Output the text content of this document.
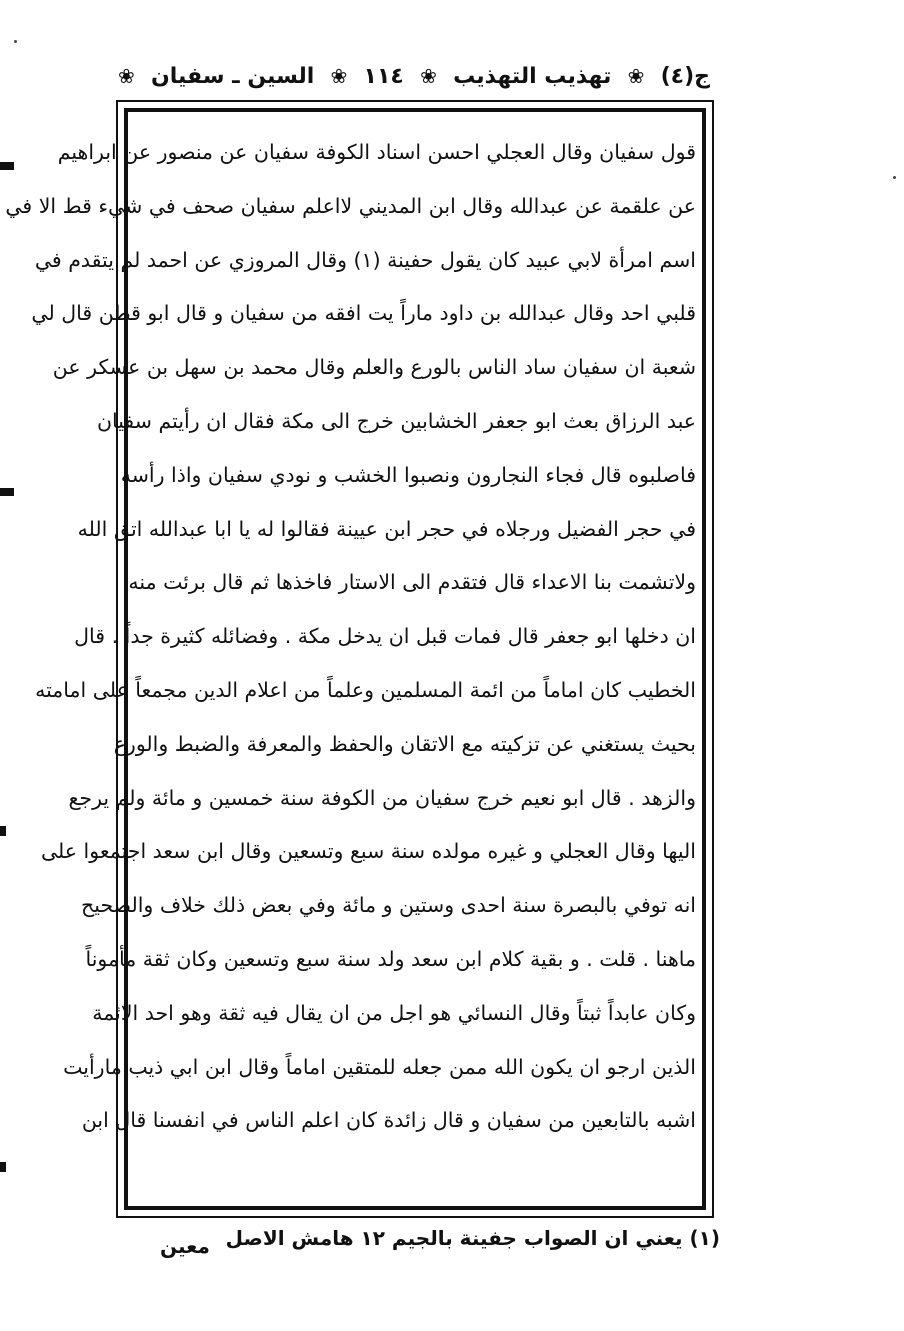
ج(٤)
❀
تهذيب التهذيب
❀
١١٤
❀
السين ـ سفيان
❀
قول سفيان وقال العجلي احسن اسناد الكوفة سفيان عن منصور عن ابراهيم
عن علقمة عن عبدالله وقال ابن المديني لااعلم سفيان صحف في شيء قط الا في
اسم امرأة لابي عبيد كان يقول حفينة (١) وقال المروزي عن احمد لم يتقدم في
قلبي احد وقال عبدالله بن داود ماراً يت افقه من سفيان و قال ابو قطن قال لي
شعبة ان سفيان ساد الناس بالورع والعلم وقال محمد بن سهل بن عسكر عن
عبد الرزاق بعث ابو جعفر الخشابين خرج الى مكة فقال ان رأيتم سفيان
فاصلبوه قال فجاء النجارون ونصبوا الخشب و نودي سفيان واذا رأسه
في حجر الفضيل ورجلاه في حجر ابن عيينة فقالوا له يا ابا عبدالله اتق الله
ولاتشمت بنا الاعداء قال فتقدم الى الاستار فاخذها ثم قال برئت منه
ان دخلها ابو جعفر قال فمات قبل ان يدخل مكة . وفضائله كثيرة جداً . قال
الخطيب كان اماماً من ائمة المسلمين وعلماً من اعلام الدين مجمعاً على امامته
بحيث يستغني عن تزكيته مع الاتقان والحفظ والمعرفة والضبط والورع
والزهد . قال ابو نعيم خرج سفيان من الكوفة سنة خمسين و مائة ولم يرجع
اليها وقال العجلي و غيره مولده سنة سبع وتسعين وقال ابن سعد اجتمعوا على
انه توفي بالبصرة سنة احدى وستين و مائة وفي بعض ذلك خلاف والصحيح
ماهنا . قلت . و بقية كلام ابن سعد ولد سنة سبع وتسعين وكان ثقة مأموناً
وكان عابداً ثبتاً وقال النسائي هو اجل من ان يقال فيه ثقة وهو احد الائمة
الذين ارجو ان يكون الله ممن جعله للمتقين اماماً وقال ابن ابي ذيب مارأيت
اشبه بالتابعين من سفيان و قال زائدة كان اعلم الناس في انفسنا قال ابن
(١) يعني ان الصواب جفينة بالجيم ١٢ هامش الاصل
معين
